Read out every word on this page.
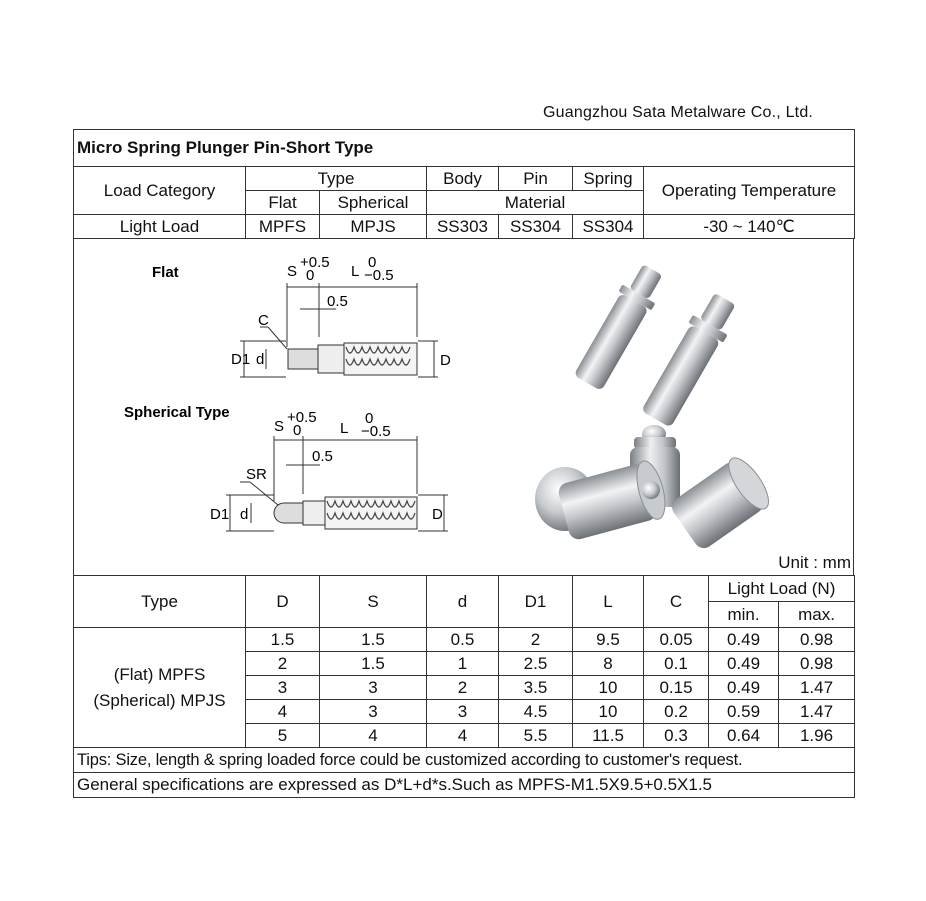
Guangzhou Sata Metalware Co., Ltd.
Micro Spring Plunger Pin-Short Type						
Load Category	Type		Body	Pin	Spring	Operating Temperature
	Flat	Spherical	Material			
Light Load	MPFS	MPJS	SS303	SS304	SS304	-30 ~ 140℃
Flat	S
+0.5
0 L
0
−0.5
0.5
C
D1 d	D
Spherical Type
S
+0.5
0	L
0
−0.5
0.5
SR
D1 d	D
Unit : mm
Type	D	S	d	D1	L	C	Light Load (N)	
							min.	max.

(Flat) MPFS
(Spherical) MPJS	1.5	1.5	0.5	2	9.5	0.05	0.49	0.98
	2	1.5	1	2.5	8	0.1	0.49	0.98
	3	3	2	3.5	10	0.15	0.49	1.47
	4	3	3	4.5	10	0.2	0.59	1.47
	5	4	4	5.5	11.5	0.3	0.64	1.96
Tips: Size, length & spring loaded force could be customized according to customer's request.								
General specifications are expressed as D*L+d*s.Such as MPFS-M1.5X9.5+0.5X1.5								
